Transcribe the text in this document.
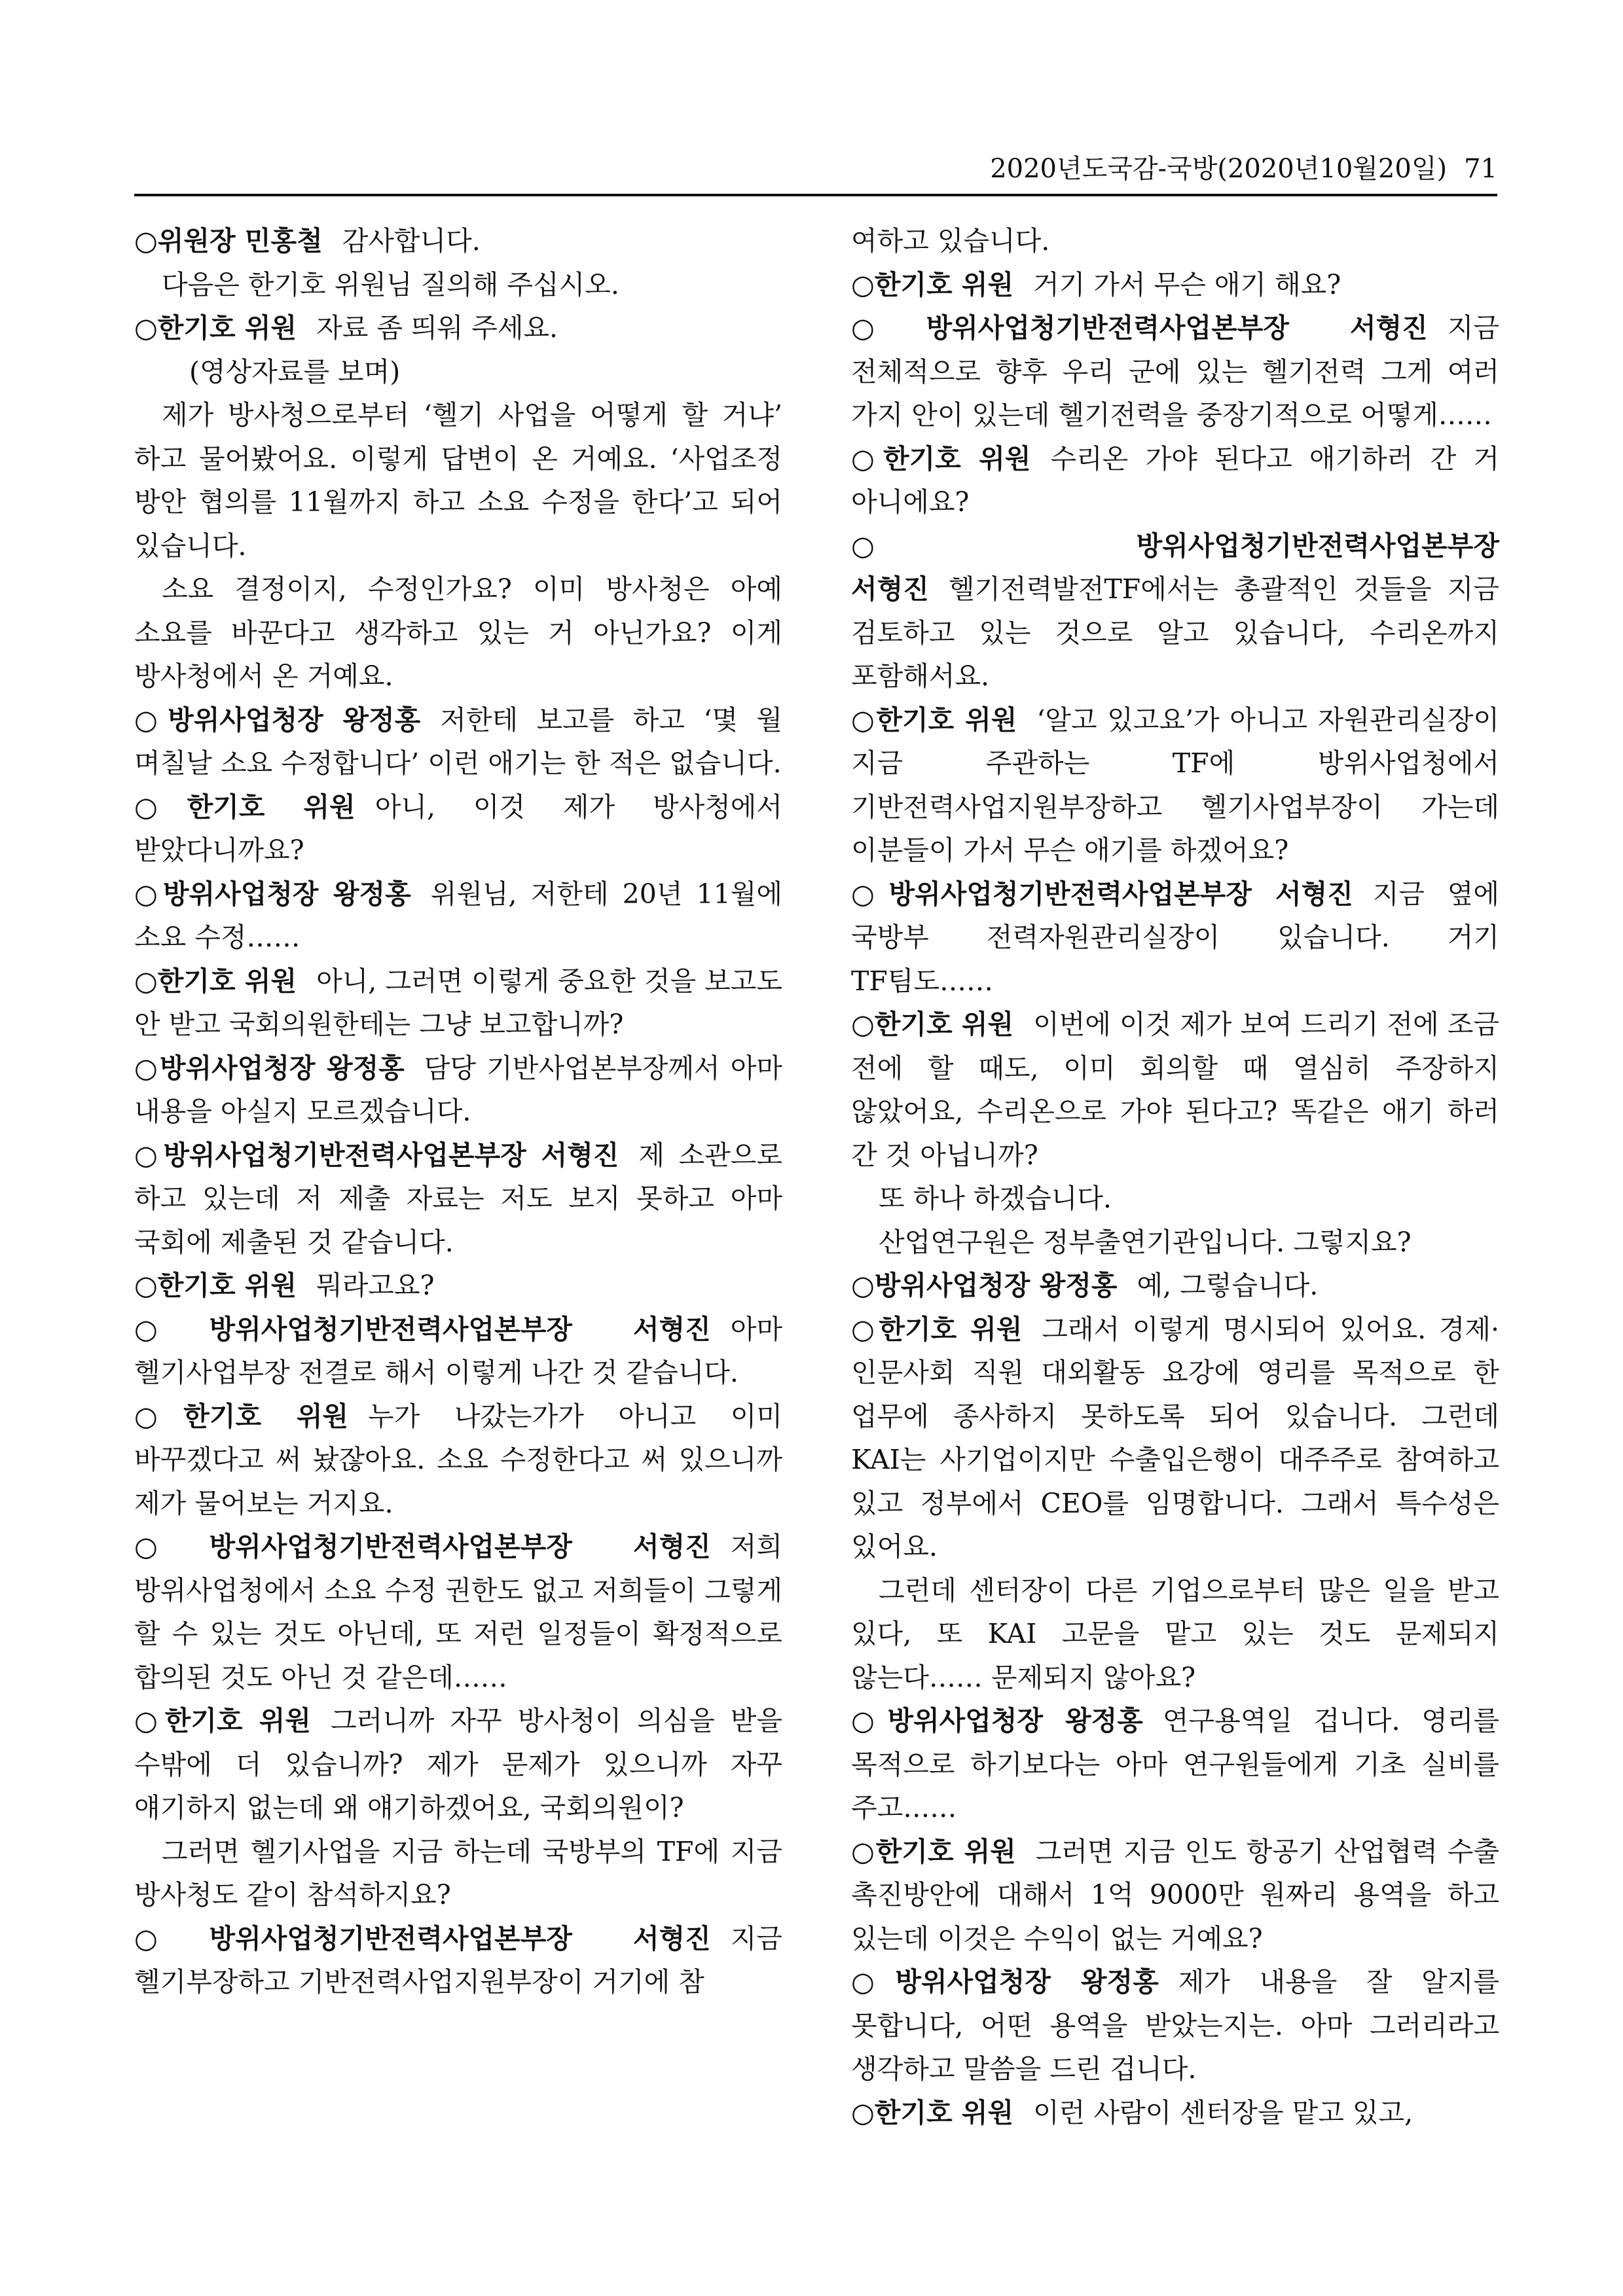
2020년도국감-국방(2020년10월20일) 71

○위원장 민홍철 감사합니다.

다음은 한기호 위원님 질의해 주십시오.

○한기호 위원 자료 좀 띄워 주세요.

(영상자료를 보며)

제가 방사청으로부터 ‘헬기 사업을 어떻게 할 거냐’ 하고 물어봤어요. 이렇게 답변이 온 거예요. ‘사업조정 방안 협의를 11월까지 하고 소요 수정을 한다’고 되어 있습니다.

소요 결정이지, 수정인가요? 이미 방사청은 아예 소요를 바꾼다고 생각하고 있는 거 아닌가요? 이게 방사청에서 온 거예요.

○방위사업청장 왕정홍 저한테 보고를 하고 ‘몇 월 며칠날 소요 수정합니다’ 이런 애기는 한 적은 없습니다.

○한기호 위원 아니, 이것 제가 방사청에서 받았다니까요?

○방위사업청장 왕정홍 위원님, 저한테 20년 11월에 소요 수정……

○한기호 위원 아니, 그러면 이렇게 중요한 것을 보고도 안 받고 국회의원한테는 그냥 보고합니까?

○방위사업청장 왕정홍 담당 기반사업본부장께서 아마 내용을 아실지 모르겠습니다.

○방위사업청기반전력사업본부장 서형진 제 소관으로 하고 있는데 저 제출 자료는 저도 보지 못하고 아마 국회에 제출된 것 같습니다.

○한기호 위원 뭐라고요?

○방위사업청기반전력사업본부장 서형진 아마 헬기사업부장 전결로 해서 이렇게 나간 것 같습니다.

○한기호 위원 누가 나갔는가가 아니고 이미 바꾸겠다고 써 놨잖아요. 소요 수정한다고 써 있으니까 제가 물어보는 거지요.

○방위사업청기반전력사업본부장 서형진 저희 방위사업청에서 소요 수정 권한도 없고 저희들이 그렇게 할 수 있는 것도 아닌데, 또 저런 일정들이 확정적으로 합의된 것도 아닌 것 같은데……

○한기호 위원 그러니까 자꾸 방사청이 의심을 받을 수밖에 더 있습니까? 제가 문제가 있으니까 자꾸 얘기하지 없는데 왜 얘기하겠어요, 국회의원이?

그러면 헬기사업을 지금 하는데 국방부의 TF에 지금 방사청도 같이 참석하지요?

○방위사업청기반전력사업본부장 서형진 지금 헬기부장하고 기반전력사업지원부장이 거기에 참

여하고 있습니다.

○한기호 위원 거기 가서 무슨 애기 해요?

○방위사업청기반전력사업본부장 서형진 지금 전체적으로 향후 우리 군에 있는 헬기전력 그게 여러 가지 안이 있는데 헬기전력을 중장기적으로 어떻게……

○한기호 위원 수리온 가야 된다고 애기하러 간 거 아니에요?

○방위사업청기반전력사업본부장 서형진 헬기전력발전TF에서는 총괄적인 것들을 지금 검토하고 있는 것으로 알고 있습니다, 수리온까지 포함해서요.

○한기호 위원 ‘알고 있고요’가 아니고 자원관리실장이 지금 주관하는 TF에 방위사업청에서 기반전력사업지원부장하고 헬기사업부장이 가는데 이분들이 가서 무슨 애기를 하겠어요?

○방위사업청기반전력사업본부장 서형진 지금 옆에 국방부 전력자원관리실장이 있습니다. 거기 TF팀도……

○한기호 위원 이번에 이것 제가 보여 드리기 전에 조금 전에 할 때도, 이미 회의할 때 열심히 주장하지 않았어요, 수리온으로 가야 된다고? 똑같은 애기 하러 간 것 아닙니까?

또 하나 하겠습니다.

산업연구원은 정부출연기관입니다. 그렇지요?

○방위사업청장 왕정홍 예, 그렇습니다.

○한기호 위원 그래서 이렇게 명시되어 있어요. 경제·인문사회 직원 대외활동 요강에 영리를 목적으로 한 업무에 종사하지 못하도록 되어 있습니다. 그런데 KAI는 사기업이지만 수출입은행이 대주주로 참여하고 있고 정부에서 CEO를 임명합니다. 그래서 특수성은 있어요.

그런데 센터장이 다른 기업으로부터 많은 일을 받고 있다, 또 KAI 고문을 맡고 있는 것도 문제되지 않는다…… 문제되지 않아요?

○방위사업청장 왕정홍 연구용역일 겁니다. 영리를 목적으로 하기보다는 아마 연구원들에게 기초 실비를 주고……

○한기호 위원 그러면 지금 인도 항공기 산업협력 수출 촉진방안에 대해서 1억 9000만 원짜리 용역을 하고 있는데 이것은 수익이 없는 거예요?

○방위사업청장 왕정홍 제가 내용을 잘 알지를 못합니다, 어떤 용역을 받았는지는. 아마 그러리라고 생각하고 말씀을 드린 겁니다.

○한기호 위원 이런 사람이 센터장을 맡고 있고,
